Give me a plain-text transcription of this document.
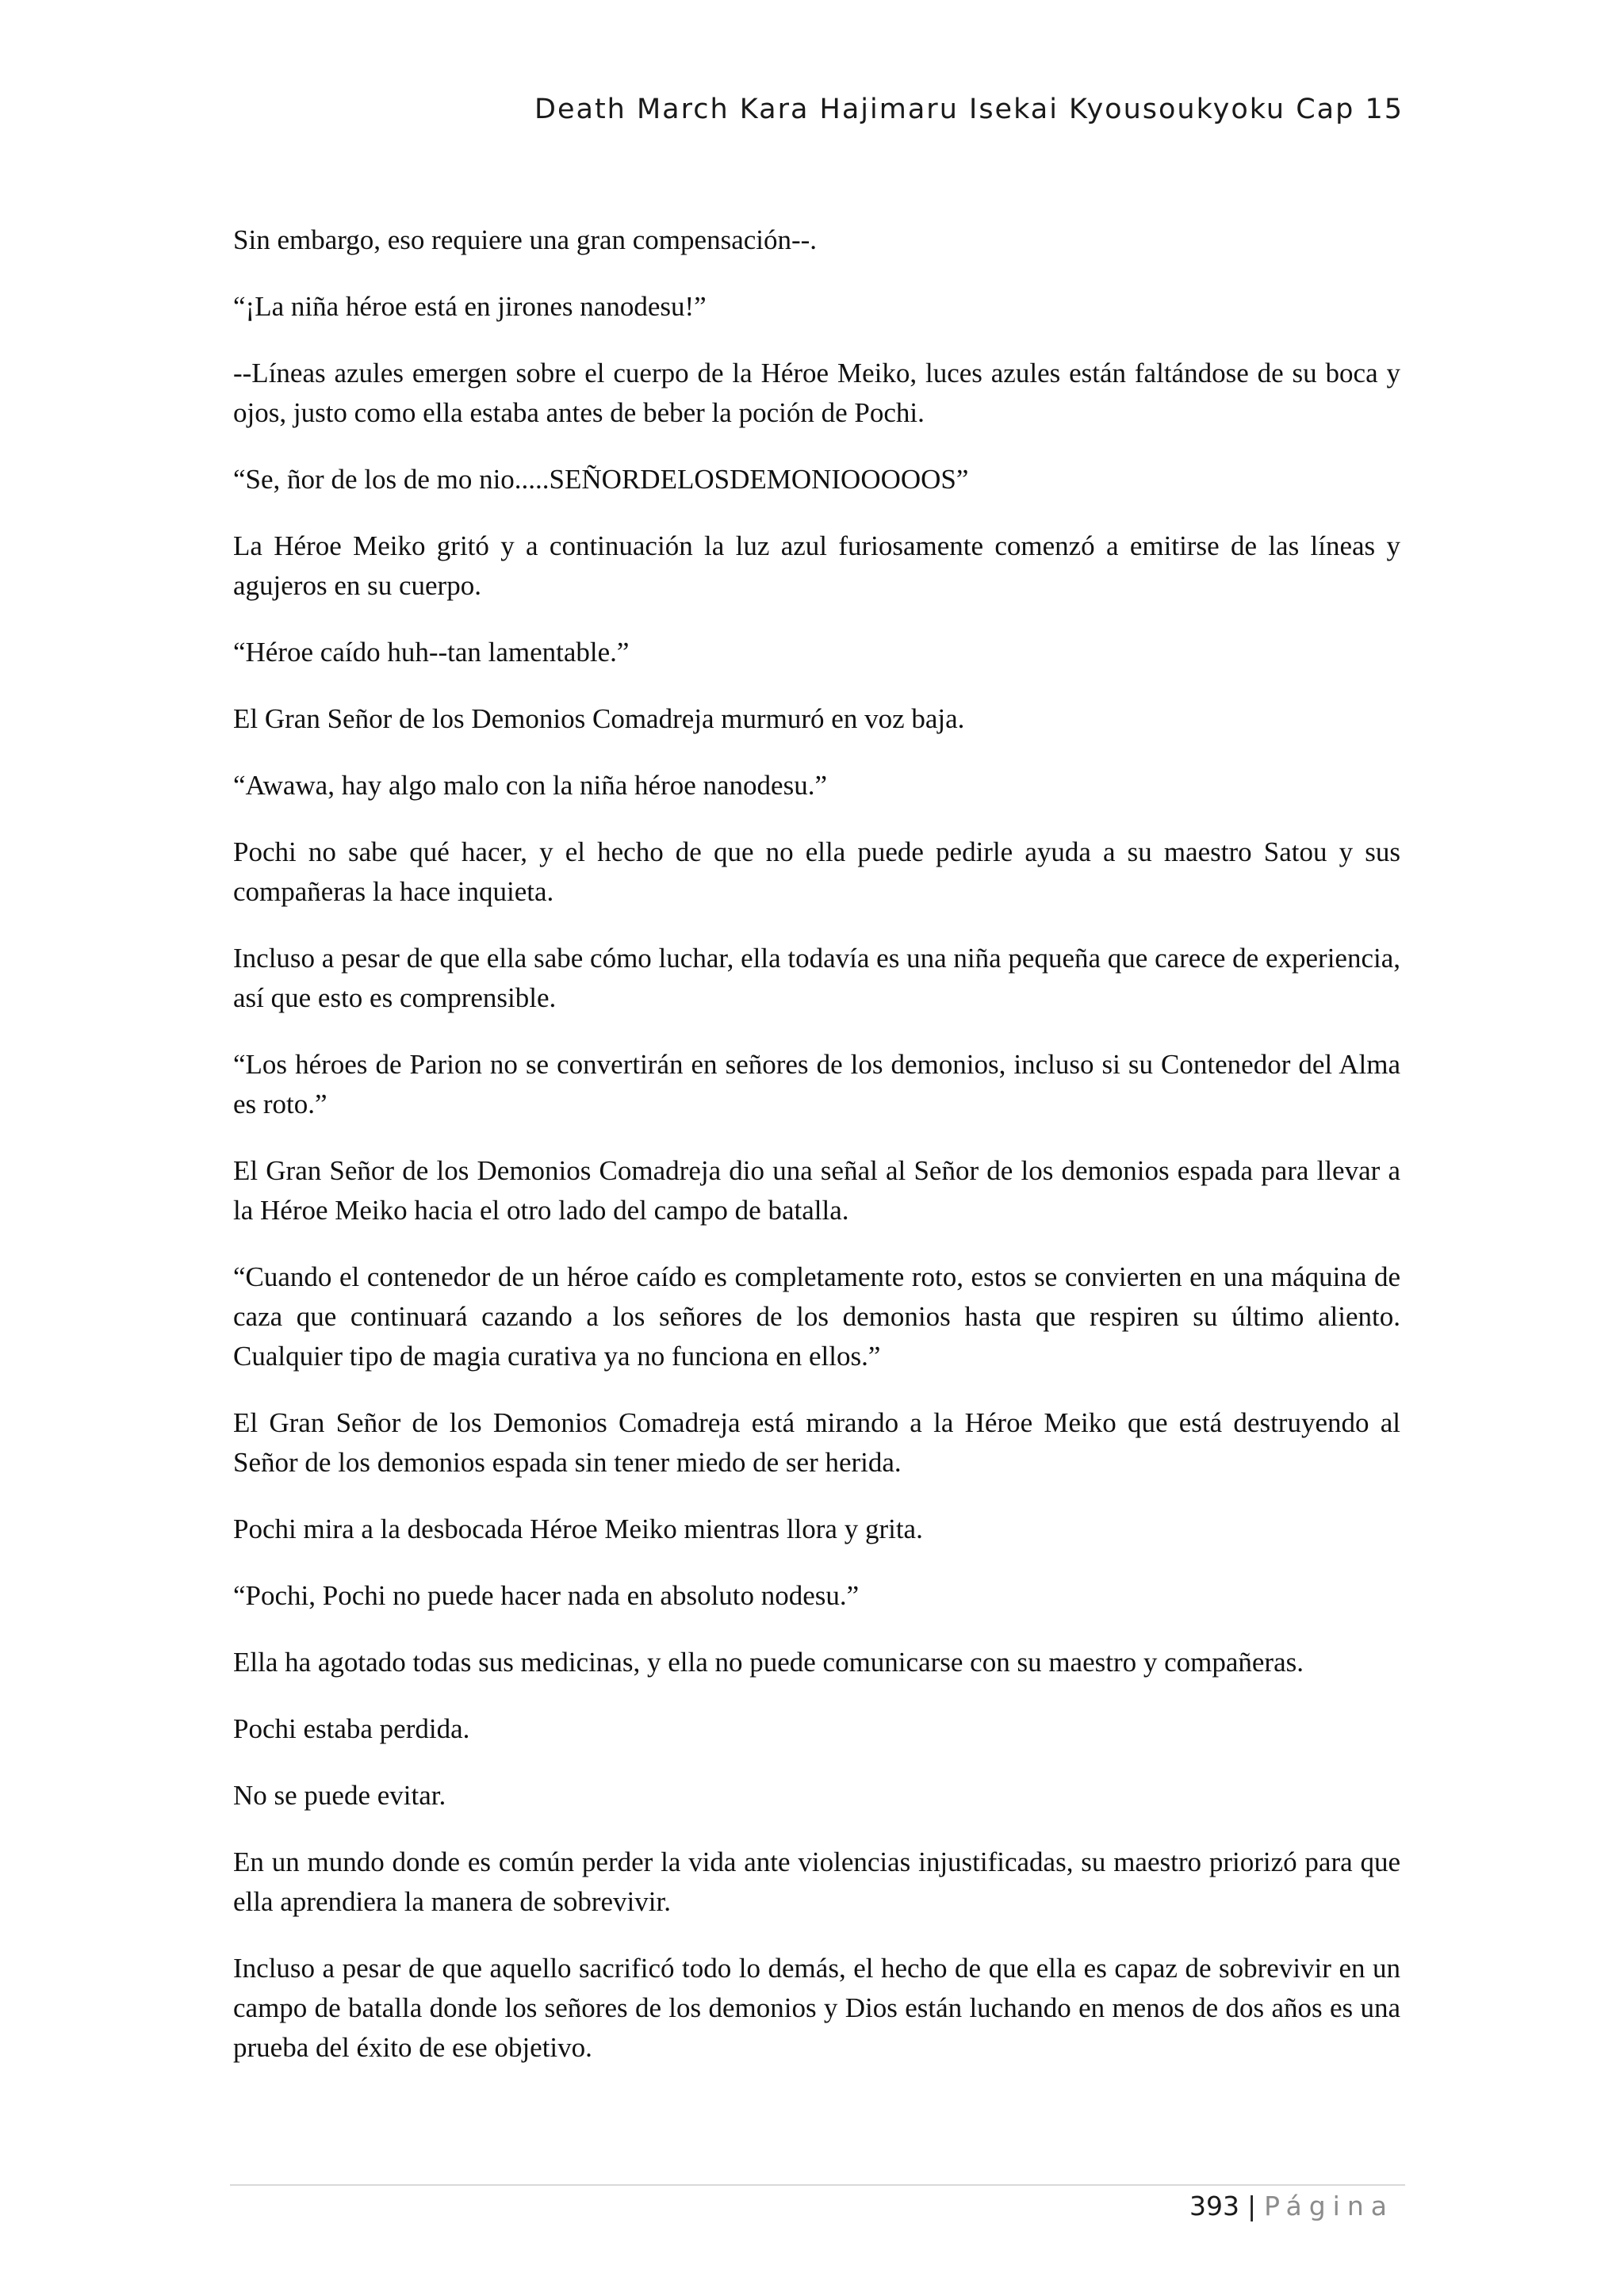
Death March Kara Hajimaru Isekai Kyousoukyoku Cap 15

Sin embargo, eso requiere una gran compensación--.

“¡La niña héroe está en jirones nanodesu!”

--Líneas azules emergen sobre el cuerpo de la Héroe Meiko, luces azules están faltándose de su boca y ojos, justo como ella estaba antes de beber la poción de Pochi.

“Se, ñor de los de mo nio.....SEÑORDELOSDEMONIOOOOOS”

La Héroe Meiko gritó y a continuación la luz azul furiosamente comenzó a emitirse de las líneas y agujeros en su cuerpo.

“Héroe caído huh--tan lamentable.”

El Gran Señor de los Demonios Comadreja murmuró en voz baja.

“Awawa, hay algo malo con la niña héroe nanodesu.”

Pochi no sabe qué hacer, y el hecho de que no ella puede pedirle ayuda a su maestro Satou y sus compañeras la hace inquieta.

Incluso a pesar de que ella sabe cómo luchar, ella todavía es una niña pequeña que carece de experiencia, así que esto es comprensible.

“Los héroes de Parion no se convertirán en señores de los demonios, incluso si su Contenedor del Alma es roto.”

El Gran Señor de los Demonios Comadreja dio una señal al Señor de los demonios espada para llevar a la Héroe Meiko hacia el otro lado del campo de batalla.

“Cuando el contenedor de un héroe caído es completamente roto, estos se convierten en una máquina de caza que continuará cazando a los señores de los demonios hasta que respiren su último aliento. Cualquier tipo de magia curativa ya no funciona en ellos.”

El Gran Señor de los Demonios Comadreja está mirando a la Héroe Meiko que está destruyendo al Señor de los demonios espada sin tener miedo de ser herida.

Pochi mira a la desbocada Héroe Meiko mientras llora y grita.

“Pochi, Pochi no puede hacer nada en absoluto nodesu.”

Ella ha agotado todas sus medicinas, y ella no puede comunicarse con su maestro y compañeras.

Pochi estaba perdida.

No se puede evitar.

En un mundo donde es común perder la vida ante violencias injustificadas, su maestro priorizó para que ella aprendiera la manera de sobrevivir.

Incluso a pesar de que aquello sacrificó todo lo demás, el hecho de que ella es capaz de sobrevivir en un campo de batalla donde los señores de los demonios y Dios están luchando en menos de dos años es una prueba del éxito de ese objetivo.

393 | Página
